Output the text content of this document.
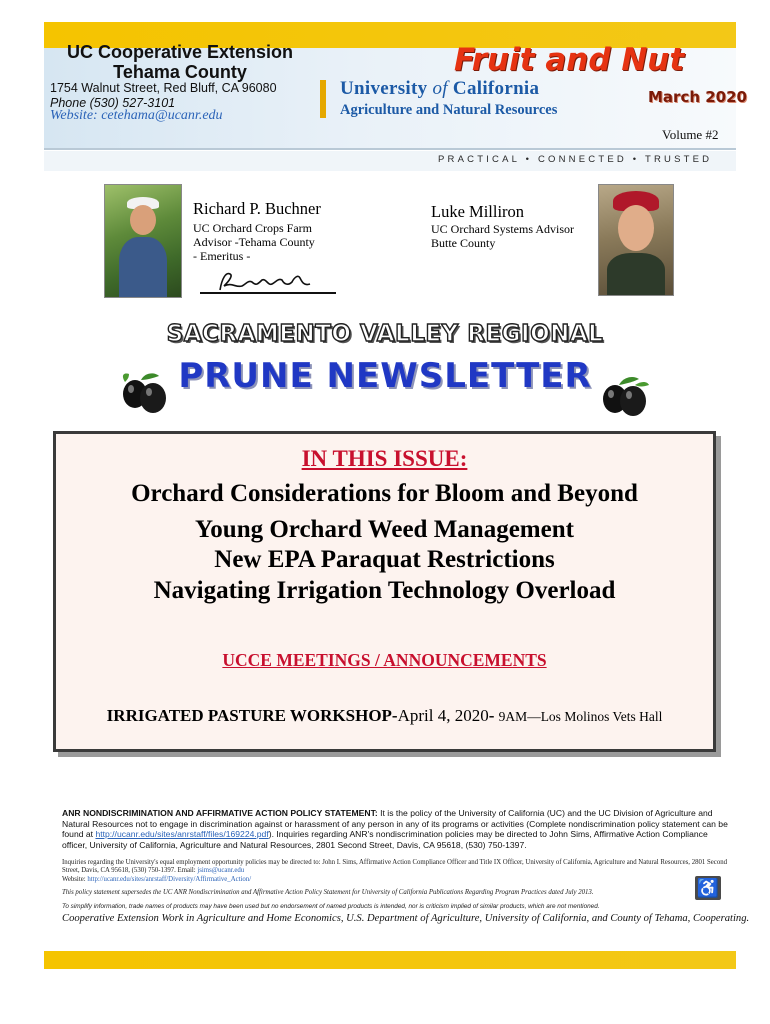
UC Cooperative Extension
Tehama County
1754 Walnut Street, Red Bluff, CA 96080
Phone (530) 527-3101
Website: cetehama@ucanr.edu
University of California
Agriculture and Natural Resources
Fruit and Nut
March 2020
Volume #2
PRACTICAL • CONNECTED • TRUSTED
Richard P. Buchner
UC Orchard Crops Farm
Advisor -Tehama County
- Emeritus -
Luke Milliron
UC Orchard Systems Advisor
Butte County
SACRAMENTO VALLEY REGIONAL
PRUNE NEWSLETTER
IN THIS ISSUE:
Orchard Considerations for Bloom and Beyond
Young Orchard Weed Management
New EPA Paraquat Restrictions
Navigating Irrigation Technology Overload
UCCE MEETINGS / ANNOUNCEMENTS
IRRIGATED PASTURE WORKSHOP-April 4, 2020- 9AM—Los Molinos Vets Hall
ANR NONDISCRIMINATION AND AFFIRMATIVE ACTION POLICY STATEMENT: It is the policy of the University of California (UC) and the UC Division of Agriculture and Natural Resources not to engage in discrimination against or harassment of any person in any of its programs or activities (Complete nondiscrimination policy statement can be found at http://ucanr.edu/sites/anrstaff/files/169224.pdf). Inquiries regarding ANR's nondiscrimination policies may be directed to John Sims, Affirmative Action Compliance officer, University of California, Agriculture and Natural Resources, 2801 Second Street, Davis, CA 95618, (530) 750-1397.
Inquiries regarding the University's equal employment opportunity policies may be directed to: John I. Sims, Affirmative Action Compliance Officer and Title IX Officer, University of California, Agriculture and Natural Resources, 2801 Second Street, Davis, CA 95618, (530) 750-1397. Email: jsims@ucanr.edu
Website: http://ucanr.edu/sites/anrstaff/Diversity/Affirmative_Action/
This policy statement supersedes the UC ANR Nondiscrimination and Affirmative Action Policy Statement for University of California Publications Regarding Program Practices dated July 2013.	♿
To simplify information, trade names of products may have been used but no endorsement of named products is intended, nor is criticism implied of similar products, which are not mentioned.
Cooperative Extension Work in Agriculture and Home Economics, U.S. Department of Agriculture, University of California, and County of Tehama, Cooperating.
